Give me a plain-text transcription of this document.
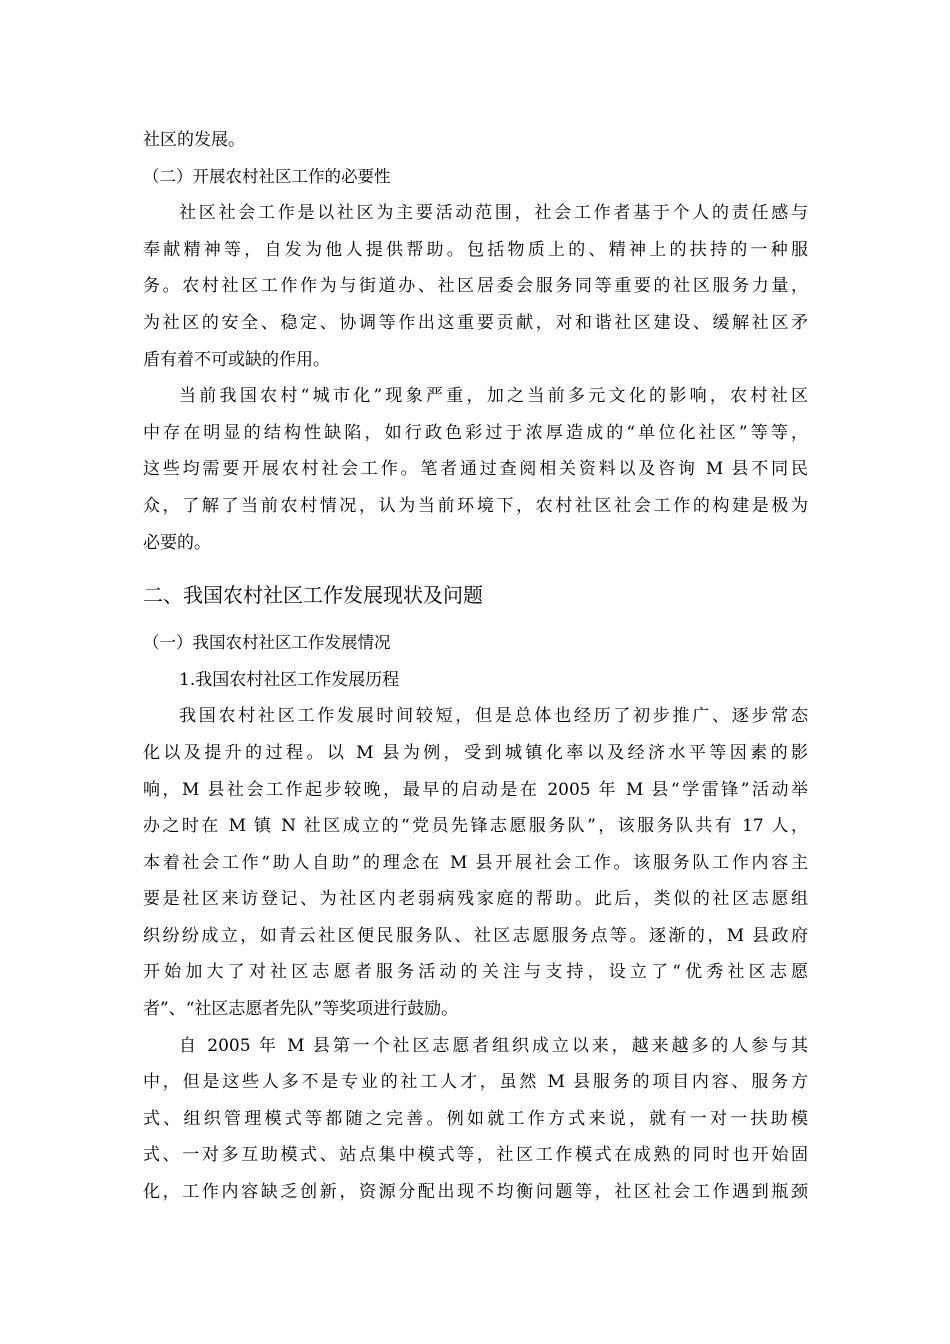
社区的发展。
（二）开展农村社区工作的必要性
社区社会工作是以社区为主要活动范围，社会工作者基于个人的责任感与
奉献精神等，自发为他人提供帮助。包括物质上的、精神上的扶持的一种服
务。农村社区工作作为与街道办、社区居委会服务同等重要的社区服务力量，
为社区的安全、稳定、协调等作出这重要贡献，对和谐社区建设、缓解社区矛
盾有着不可或缺的作用。
当前我国农村“城市化”现象严重，加之当前多元文化的影响，农村社区
中存在明显的结构性缺陷，如行政色彩过于浓厚造成的“单位化社区”等等，
这些均需要开展农村社会工作。笔者通过查阅相关资料以及咨询 M 县不同民
众，了解了当前农村情况，认为当前环境下，农村社区社会工作的构建是极为
必要的。
二、我国农村社区工作发展现状及问题
（一）我国农村社区工作发展情况
1.我国农村社区工作发展历程
我国农村社区工作发展时间较短，但是总体也经历了初步推广、逐步常态
化以及提升的过程。以 M 县为例，受到城镇化率以及经济水平等因素的影
响，M 县社会工作起步较晚，最早的启动是在 2005 年 M 县“学雷锋”活动举
办之时在 M 镇 N 社区成立的“党员先锋志愿服务队”，该服务队共有 17 人，
本着社会工作“助人自助”的理念在 M 县开展社会工作。该服务队工作内容主
要是社区来访登记、为社区内老弱病残家庭的帮助。此后，类似的社区志愿组
织纷纷成立，如青云社区便民服务队、社区志愿服务点等。逐渐的，M 县政府
开始加大了对社区志愿者服务活动的关注与支持，设立了“优秀社区志愿
者”、“社区志愿者先队”等奖项进行鼓励。
自 2005 年 M 县第一个社区志愿者组织成立以来，越来越多的人参与其
中，但是这些人多不是专业的社工人才，虽然 M 县服务的项目内容、服务方
式、组织管理模式等都随之完善。例如就工作方式来说，就有一对一扶助模
式、一对多互助模式、站点集中模式等，社区工作模式在成熟的同时也开始固
化，工作内容缺乏创新，资源分配出现不均衡问题等，社区社会工作遇到瓶颈
